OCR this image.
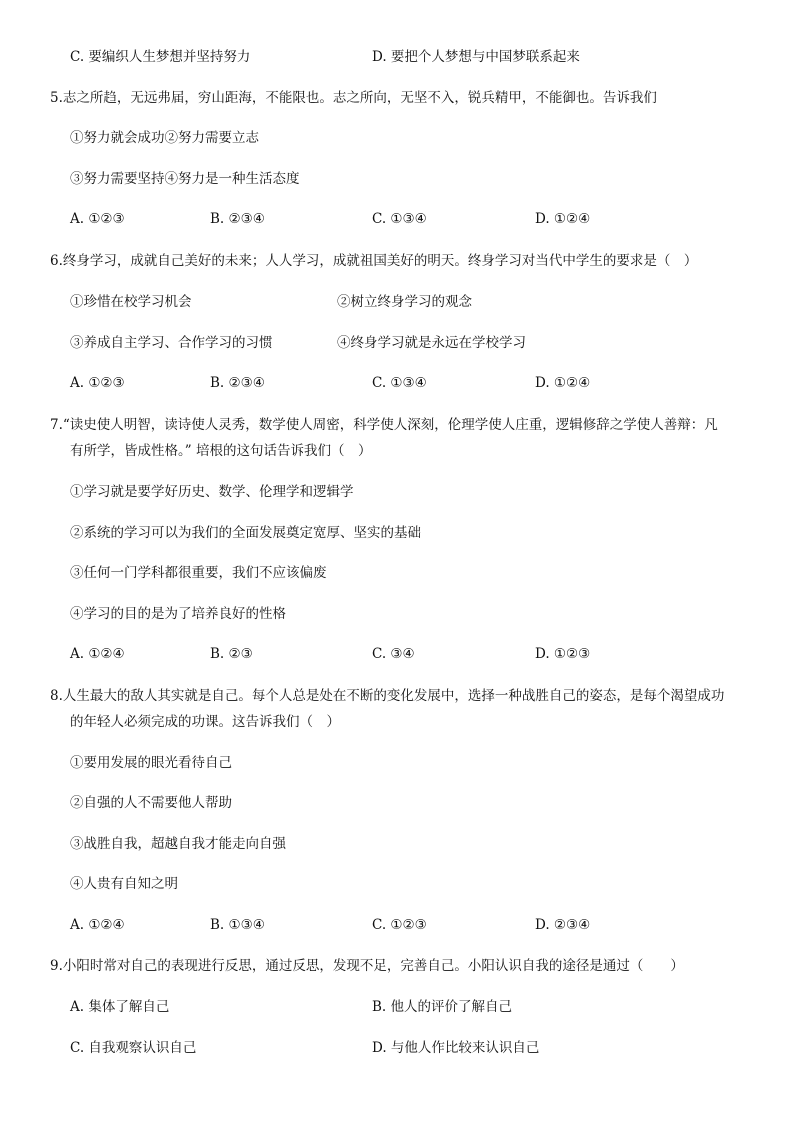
C. 要编织人生梦想并坚持努力	D. 要把个人梦想与中国梦联系起来
5.志之所趋，无远弗届，穷山距海，不能限也。志之所向，无坚不入，锐兵精甲，不能御也。告诉我们
①努力就会成功②努力需要立志
③努力需要坚持④努力是一种生活态度
A. ①②③	B. ②③④	C. ①③④	D. ①②④
6.终身学习，成就自己美好的未来；人人学习，成就祖国美好的明天。终身学习对当代中学生的要求是（　）
①珍惜在校学习机会	②树立终身学习的观念
③养成自主学习、合作学习的习惯	④终身学习就是永远在学校学习
A. ①②③	B. ②③④	C. ①③④	D. ①②④
7.“读史使人明智，读诗使人灵秀，数学使人周密，科学使人深刻，伦理学使人庄重，逻辑修辞之学使人善辩：凡
有所学，皆成性格。” 培根的这句话告诉我们（　）
①学习就是要学好历史、数学、伦理学和逻辑学
②系统的学习可以为我们的全面发展奠定宽厚、坚实的基础
③任何一门学科都很重要，我们不应该偏废
④学习的目的是为了培养良好的性格
A. ①②④	B. ②③	C. ③④	D. ①②③
8.人生最大的敌人其实就是自己。每个人总是处在不断的变化发展中，选择一种战胜自己的姿态，是每个渴望成功
的年轻人必须完成的功课。这告诉我们（　）
①要用发展的眼光看待自己
②自强的人不需要他人帮助
③战胜自我，超越自我才能走向自强
④人贵有自知之明
A. ①②④	B. ①③④	C. ①②③	D. ②③④
9.小阳时常对自己的表现进行反思，通过反思，发现不足，完善自己。小阳认识自我的途径是通过（　　）
A. 集体了解自己	B. 他人的评价了解自己
C. 自我观察认识自己	D. 与他人作比较来认识自己
